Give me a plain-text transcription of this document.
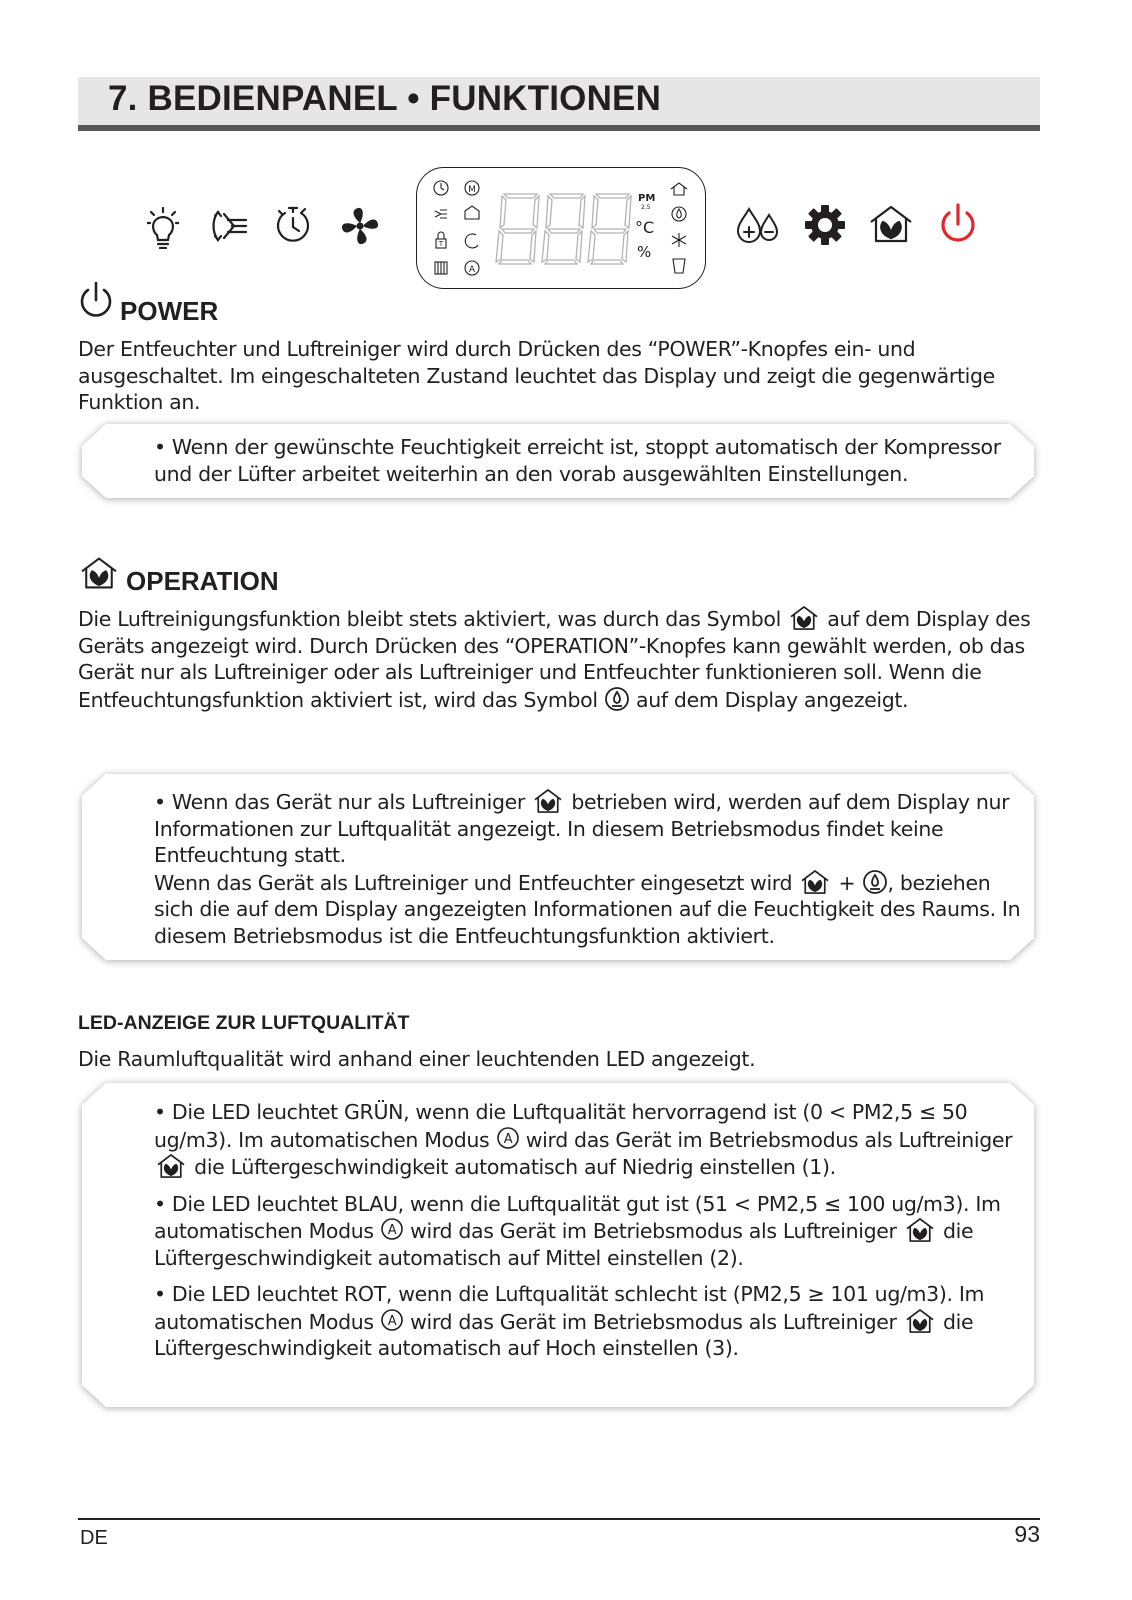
7. BEDIENPANEL • FUNKTIONEN
M
T
A
PM
2.5
°C
%
POWER

Der Entfeuchter und Luftreiniger wird durch Drücken des “POWER”-Knopfes ein- und ausgeschaltet. Im eingeschalteten Zustand leuchtet das Display und zeigt die gegenwärtige Funktion an.

• Wenn der gewünschte Feuchtigkeit erreicht ist, stoppt automatisch der Kompressor und der Lüfter arbeitet weiterhin an den vorab ausgewählten Einstellungen.

OPERATION

Die Luftreinigungsfunktion bleibt stets aktiviert, was durch das Symbol auf dem Display des Geräts angezeigt wird. Durch Drücken des “OPERATION”-Knopfes kann gewählt werden, ob das Gerät nur als Luftreiniger oder als Luftreiniger und Entfeuchter funktionieren soll. Wenn die Entfeuchtungsfunktion aktiviert ist, wird das Symbol auf dem Display angezeigt.

• Wenn das Gerät nur als Luftreiniger betrieben wird, werden auf dem Display nur Informationen zur Luftqualität angezeigt. In diesem Betriebsmodus findet keine Entfeuchtung statt.
Wenn das Gerät als Luftreiniger und Entfeuchter eingesetzt wird + , beziehen sich die auf dem Display angezeigten Informationen auf die Feuchtigkeit des Raums. In diesem Betriebsmodus ist die Entfeuchtungsfunktion aktiviert.

LED-ANZEIGE ZUR LUFTQUALITÄT

Die Raumluftqualität wird anhand einer leuchtenden LED angezeigt.

• Die LED leuchtet GRÜN, wenn die Luftqualität hervorragend ist (0 < PM2,5 ≤ 50 ug/m3). Im automatischen Modus A wird das Gerät im Betriebsmodus als Luftreiniger  die Lüftergeschwindigkeit automatisch auf Niedrig einstellen (1).

• Die LED leuchtet BLAU, wenn die Luftqualität gut ist (51 < PM2,5 ≤ 100 ug/m3). Im automatischen Modus A wird das Gerät im Betriebsmodus als Luftreiniger die Lüftergeschwindigkeit automatisch auf Mittel einstellen (2).

• Die LED leuchtet ROT, wenn die Luftqualität schlecht ist (PM2,5 ≥ 101 ug/m3). Im automatischen Modus A wird das Gerät im Betriebsmodus als Luftreiniger die Lüftergeschwindigkeit automatisch auf Hoch einstellen (3).

DE	93
